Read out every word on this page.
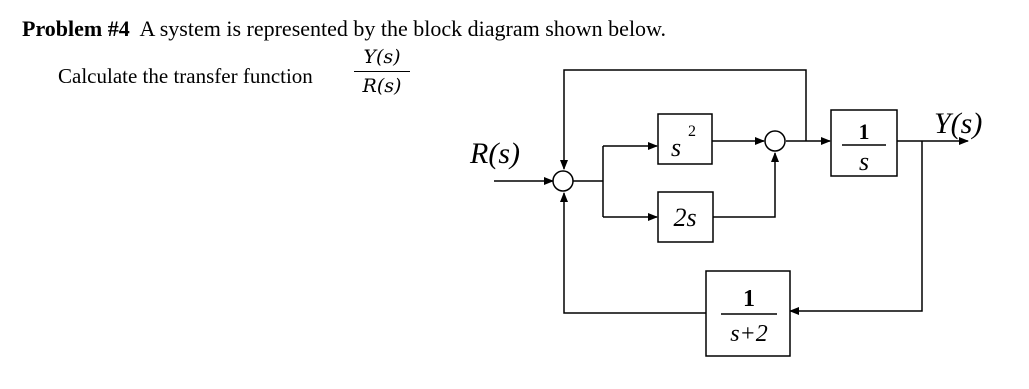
Problem #4 A system is represented by the block diagram shown below.
Calculate the transfer function
Y(s)
R(s)
R(s)
Y(s)
s
2
2s
1
s
1
s+2
